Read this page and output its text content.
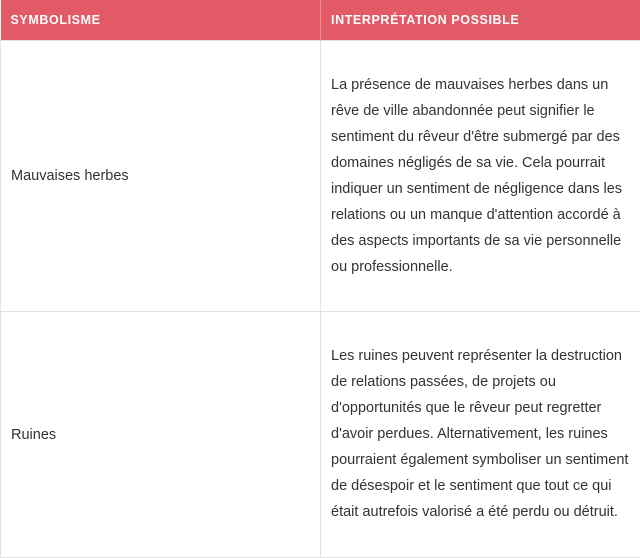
SYMBOLISME	INTERPRÉTATION POSSIBLE
Mauvaises herbes	La présence de mauvaises herbes dans un rêve de ville abandonnée peut signifier le sentiment du rêveur d'être submergé par des domaines négligés de sa vie. Cela pourrait indiquer un sentiment de négligence dans les relations ou un manque d'attention accordé à des aspects importants de sa vie personnelle ou professionnelle.
Ruines	Les ruines peuvent représenter la destruction de relations passées, de projets ou d'opportunités que le rêveur peut regretter d'avoir perdues. Alternativement, les ruines pourraient également symboliser un sentiment de désespoir et le sentiment que tout ce qui était autrefois valorisé a été perdu ou détruit.
